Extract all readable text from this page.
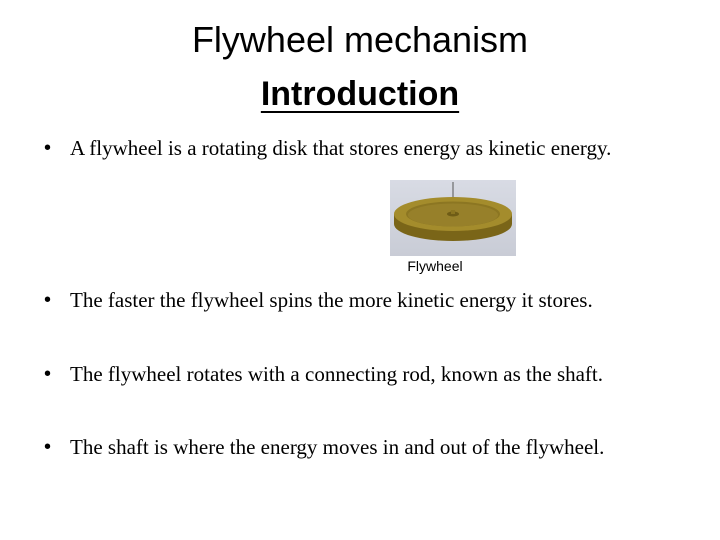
Flywheel mechanism
Introduction
• A flywheel is a rotating disk that stores energy as kinetic energy.
• The faster the flywheel spins the more kinetic energy it stores.
• The flywheel rotates with a connecting rod, known as the shaft.
• The shaft is where the energy moves in and out of the flywheel.
Flywheel
